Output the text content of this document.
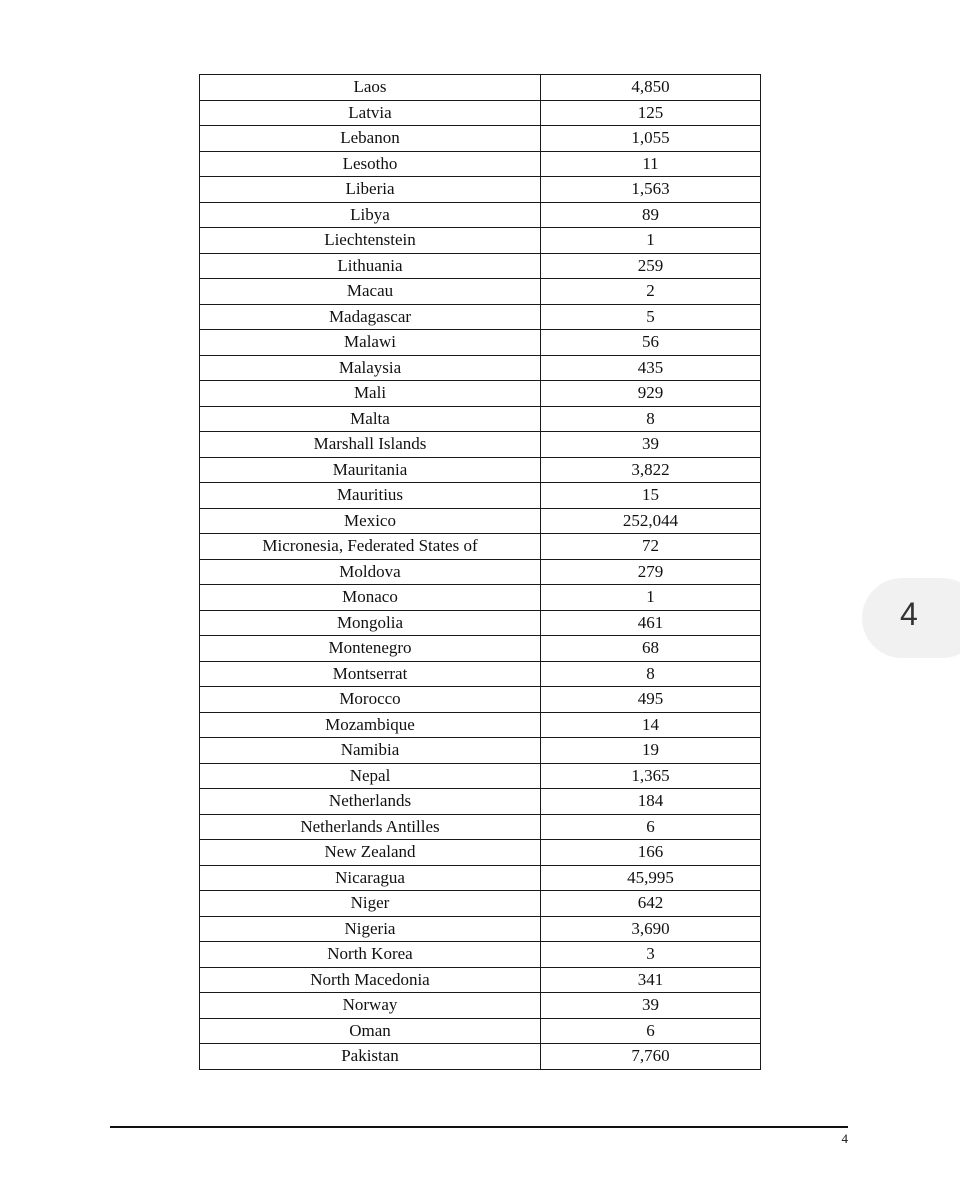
Laos	4,850
Latvia	125
Lebanon	1,055
Lesotho	11
Liberia	1,563
Libya	89
Liechtenstein	1
Lithuania	259
Macau	2
Madagascar	5
Malawi	56
Malaysia	435
Mali	929
Malta	8
Marshall Islands	39
Mauritania	3,822
Mauritius	15
Mexico	252,044
Micronesia, Federated States of	72
Moldova	279
Monaco	1
Mongolia	461
Montenegro	68
Montserrat	8
Morocco	495
Mozambique	14
Namibia	19
Nepal	1,365
Netherlands	184
Netherlands Antilles	6
New Zealand	166
Nicaragua	45,995
Niger	642
Nigeria	3,690
North Korea	3
North Macedonia	341
Norway	39
Oman	6
Pakistan	7,760
4
4
